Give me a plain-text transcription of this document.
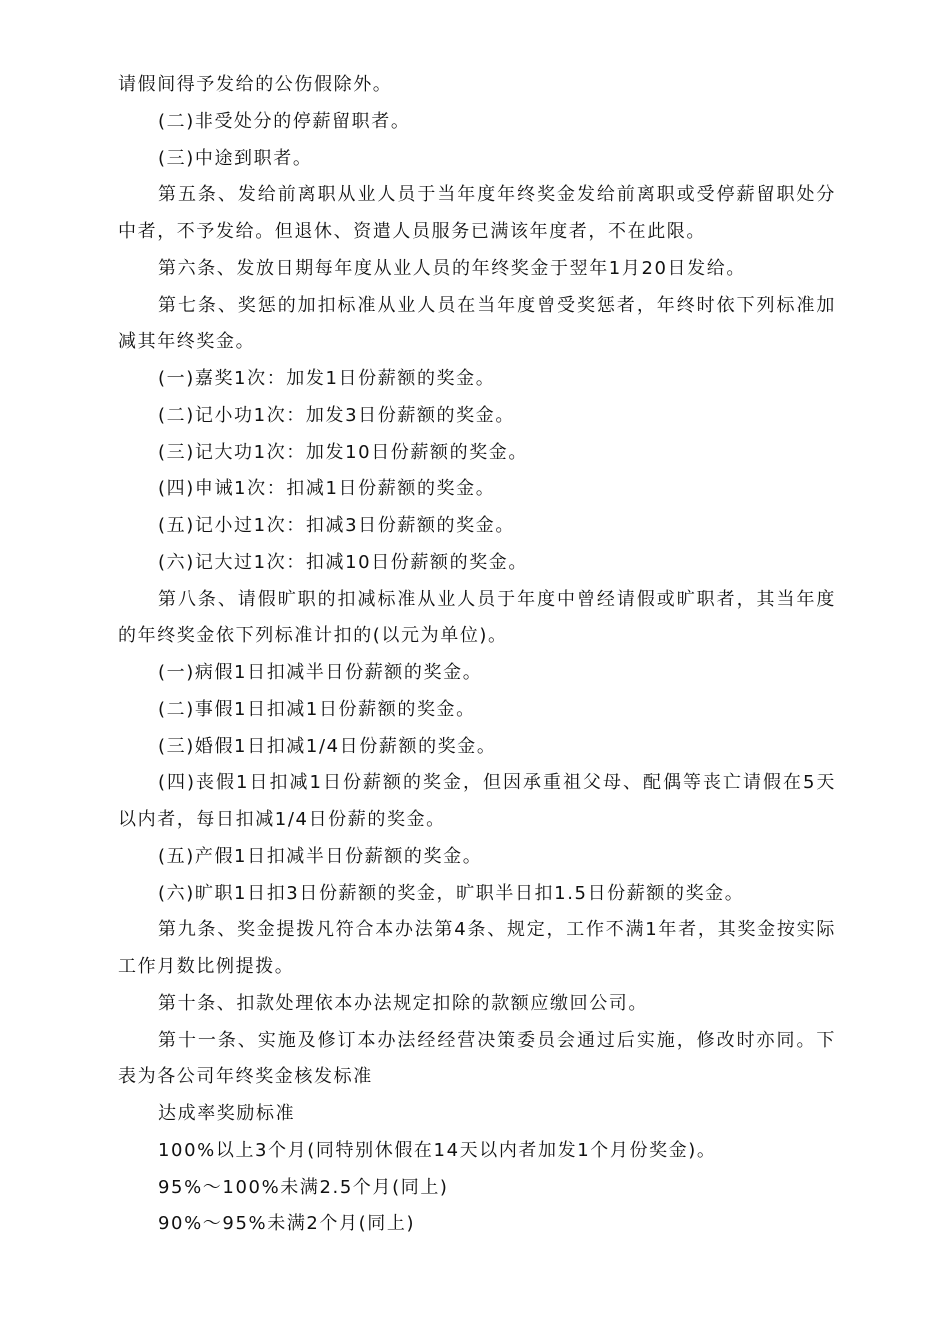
请假间得予发给的公伤假除外。

(二)非受处分的停薪留职者。

(三)中途到职者。

第五条、发给前离职从业人员于当年度年终奖金发给前离职或受停薪留职处分中者，不予发给。但退休、资遣人员服务已满该年度者，不在此限。

第六条、发放日期每年度从业人员的年终奖金于翌年1月20日发给。

第七条、奖惩的加扣标准从业人员在当年度曾受奖惩者，年终时依下列标准加减其年终奖金。

(一)嘉奖1次：加发1日份薪额的奖金。

(二)记小功1次：加发3日份薪额的奖金。

(三)记大功1次：加发10日份薪额的奖金。

(四)申诫1次：扣减1日份薪额的奖金。

(五)记小过1次：扣减3日份薪额的奖金。

(六)记大过1次：扣减10日份薪额的奖金。

第八条、请假旷职的扣减标准从业人员于年度中曾经请假或旷职者，其当年度的年终奖金依下列标准计扣的(以元为单位)。

(一)病假1日扣减半日份薪额的奖金。

(二)事假1日扣减1日份薪额的奖金。

(三)婚假1日扣减1/4日份薪额的奖金。

(四)丧假1日扣减1日份薪额的奖金，但因承重祖父母、配偶等丧亡请假在5天以内者，每日扣减1/4日份薪的奖金。

(五)产假1日扣减半日份薪额的奖金。

(六)旷职1日扣3日份薪额的奖金，旷职半日扣1.5日份薪额的奖金。

第九条、奖金提拨凡符合本办法第4条、规定，工作不满1年者，其奖金按实际工作月数比例提拨。

第十条、扣款处理依本办法规定扣除的款额应缴回公司。

第十一条、实施及修订本办法经经营决策委员会通过后实施，修改时亦同。下表为各公司年终奖金核发标准

达成率奖励标准

100%以上3个月(同特别休假在14天以内者加发1个月份奖金)。

95%～100%未满2.5个月(同上)

90%～95%未满2个月(同上)
